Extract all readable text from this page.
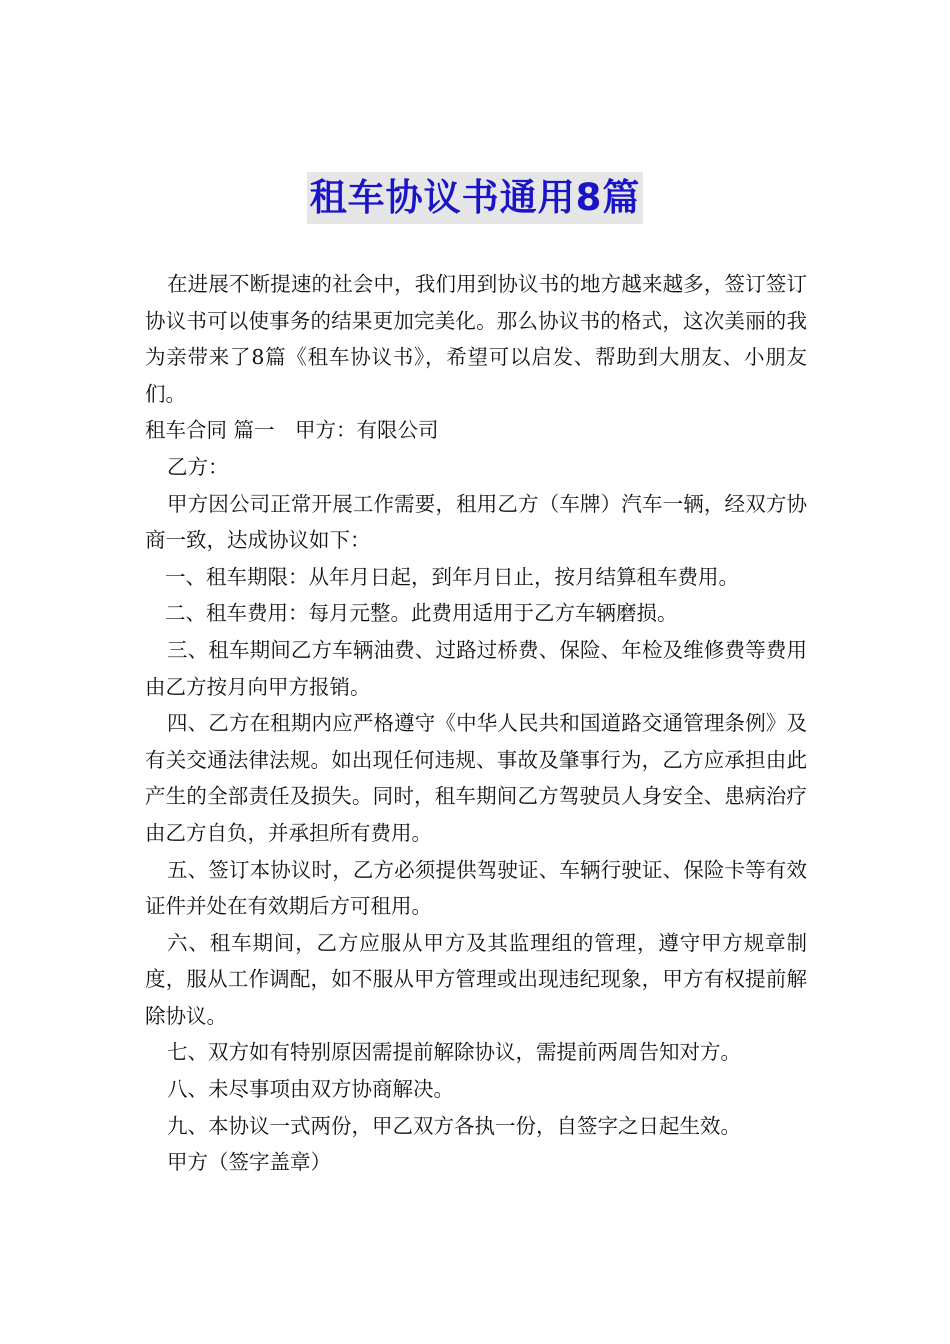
租车协议书通用8篇

在进展不断提速的社会中，我们用到协议书的地方越来越多，签订签订协议书可以使事务的结果更加完美化。那么协议书的格式，这次美丽的我为亲带来了8篇《租车协议书》，希望可以启发、帮助到大朋友、小朋友们。

租车合同 篇一　甲方：有限公司

乙方：

甲方因公司正常开展工作需要，租用乙方（车牌）汽车一辆，经双方协商一致，达成协议如下：

一、租车期限：从年月日起，到年月日止，按月结算租车费用。

二、租车费用：每月元整。此费用适用于乙方车辆磨损。

三、租车期间乙方车辆油费、过路过桥费、保险、年检及维修费等费用由乙方按月向甲方报销。

四、乙方在租期内应严格遵守《中华人民共和国道路交通管理条例》及有关交通法律法规。如出现任何违规、事故及肇事行为，乙方应承担由此产生的全部责任及损失。同时，租车期间乙方驾驶员人身安全、患病治疗由乙方自负，并承担所有费用。

五、签订本协议时，乙方必须提供驾驶证、车辆行驶证、保险卡等有效证件并处在有效期后方可租用。

六、租车期间，乙方应服从甲方及其监理组的管理，遵守甲方规章制度，服从工作调配，如不服从甲方管理或出现违纪现象，甲方有权提前解除协议。

七、双方如有特别原因需提前解除协议，需提前两周告知对方。

八、未尽事项由双方协商解决。

九、本协议一式两份，甲乙双方各执一份，自签字之日起生效。

甲方（签字盖章）
